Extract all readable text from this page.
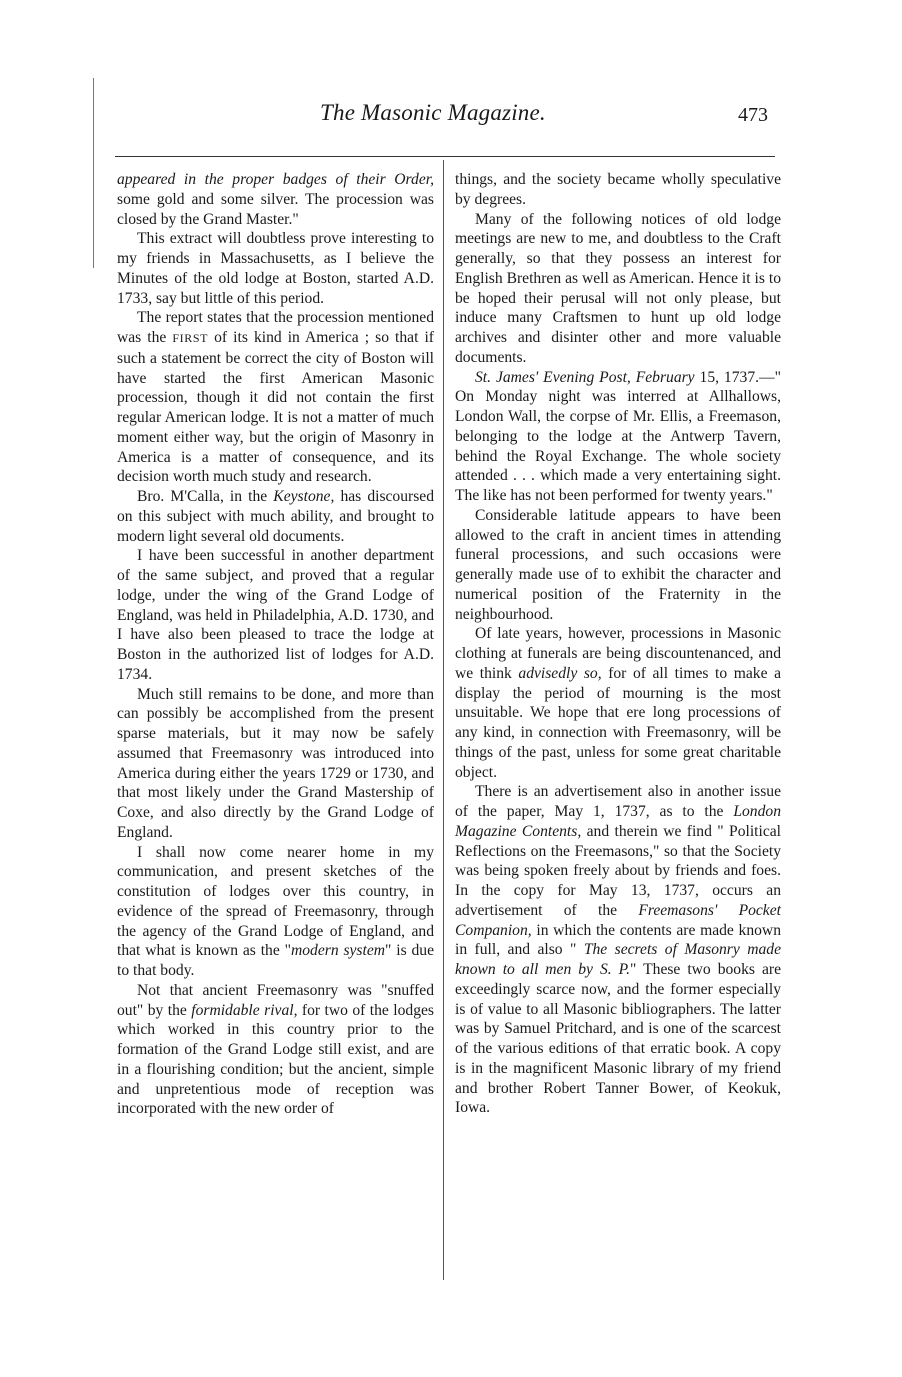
The Masonic Magazine.	473

appeared in the proper badges of their Order, some gold and some silver. The procession was closed by the Grand Master."

This extract will doubtless prove interesting to my friends in Massachusetts, as I believe the Minutes of the old lodge at Boston, started A.D. 1733, say but little of this period.

The report states that the procession mentioned was the FIRST of its kind in America ; so that if such a statement be correct the city of Boston will have started the first American Masonic procession, though it did not contain the first regular American lodge. It is not a matter of much moment either way, but the origin of Masonry in America is a matter of consequence, and its decision worth much study and research.

Bro. M'Calla, in the Keystone, has discoursed on this subject with much ability, and brought to modern light several old documents.

I have been successful in another department of the same subject, and proved that a regular lodge, under the wing of the Grand Lodge of England, was held in Philadelphia, A.D. 1730, and I have also been pleased to trace the lodge at Boston in the authorized list of lodges for A.D. 1734.

Much still remains to be done, and more than can possibly be accomplished from the present sparse materials, but it may now be safely assumed that Freemasonry was introduced into America during either the years 1729 or 1730, and that most likely under the Grand Mastership of Coxe, and also directly by the Grand Lodge of England.

I shall now come nearer home in my communication, and present sketches of the constitution of lodges over this country, in evidence of the spread of Freemasonry, through the agency of the Grand Lodge of England, and that what is known as the "modern system" is due to that body.

Not that ancient Freemasonry was "snuffed out" by the formidable rival, for two of the lodges which worked in this country prior to the formation of the Grand Lodge still exist, and are in a flourishing condition; but the ancient, simple and unpretentious mode of reception was incorporated with the new order of

things, and the society became wholly speculative by degrees.

Many of the following notices of old lodge meetings are new to me, and doubtless to the Craft generally, so that they possess an interest for English Brethren as well as American. Hence it is to be hoped their perusal will not only please, but induce many Craftsmen to hunt up old lodge archives and disinter other and more valuable documents.

St. James' Evening Post, February 15, 1737.—" On Monday night was interred at Allhallows, London Wall, the corpse of Mr. Ellis, a Freemason, belonging to the lodge at the Antwerp Tavern, behind the Royal Exchange. The whole society attended . . . which made a very entertaining sight. The like has not been performed for twenty years."

Considerable latitude appears to have been allowed to the craft in ancient times in attending funeral processions, and such occasions were generally made use of to exhibit the character and numerical position of the Fraternity in the neighbourhood.

Of late years, however, processions in Masonic clothing at funerals are being discountenanced, and we think advisedly so, for of all times to make a display the period of mourning is the most unsuitable. We hope that ere long processions of any kind, in connection with Freemasonry, will be things of the past, unless for some great charitable object.

There is an advertisement also in another issue of the paper, May 1, 1737, as to the London Magazine Contents, and therein we find " Political Reflections on the Freemasons," so that the Society was being spoken freely about by friends and foes. In the copy for May 13, 1737, occurs an advertisement of the Freemasons' Pocket Companion, in which the contents are made known in full, and also " The secrets of Masonry made known to all men by S. P." These two books are exceedingly scarce now, and the former especially is of value to all Masonic bibliographers. The latter was by Samuel Pritchard, and is one of the scarcest of the various editions of that erratic book. A copy is in the magnificent Masonic library of my friend and brother Robert Tanner Bower, of Keokuk, Iowa.
